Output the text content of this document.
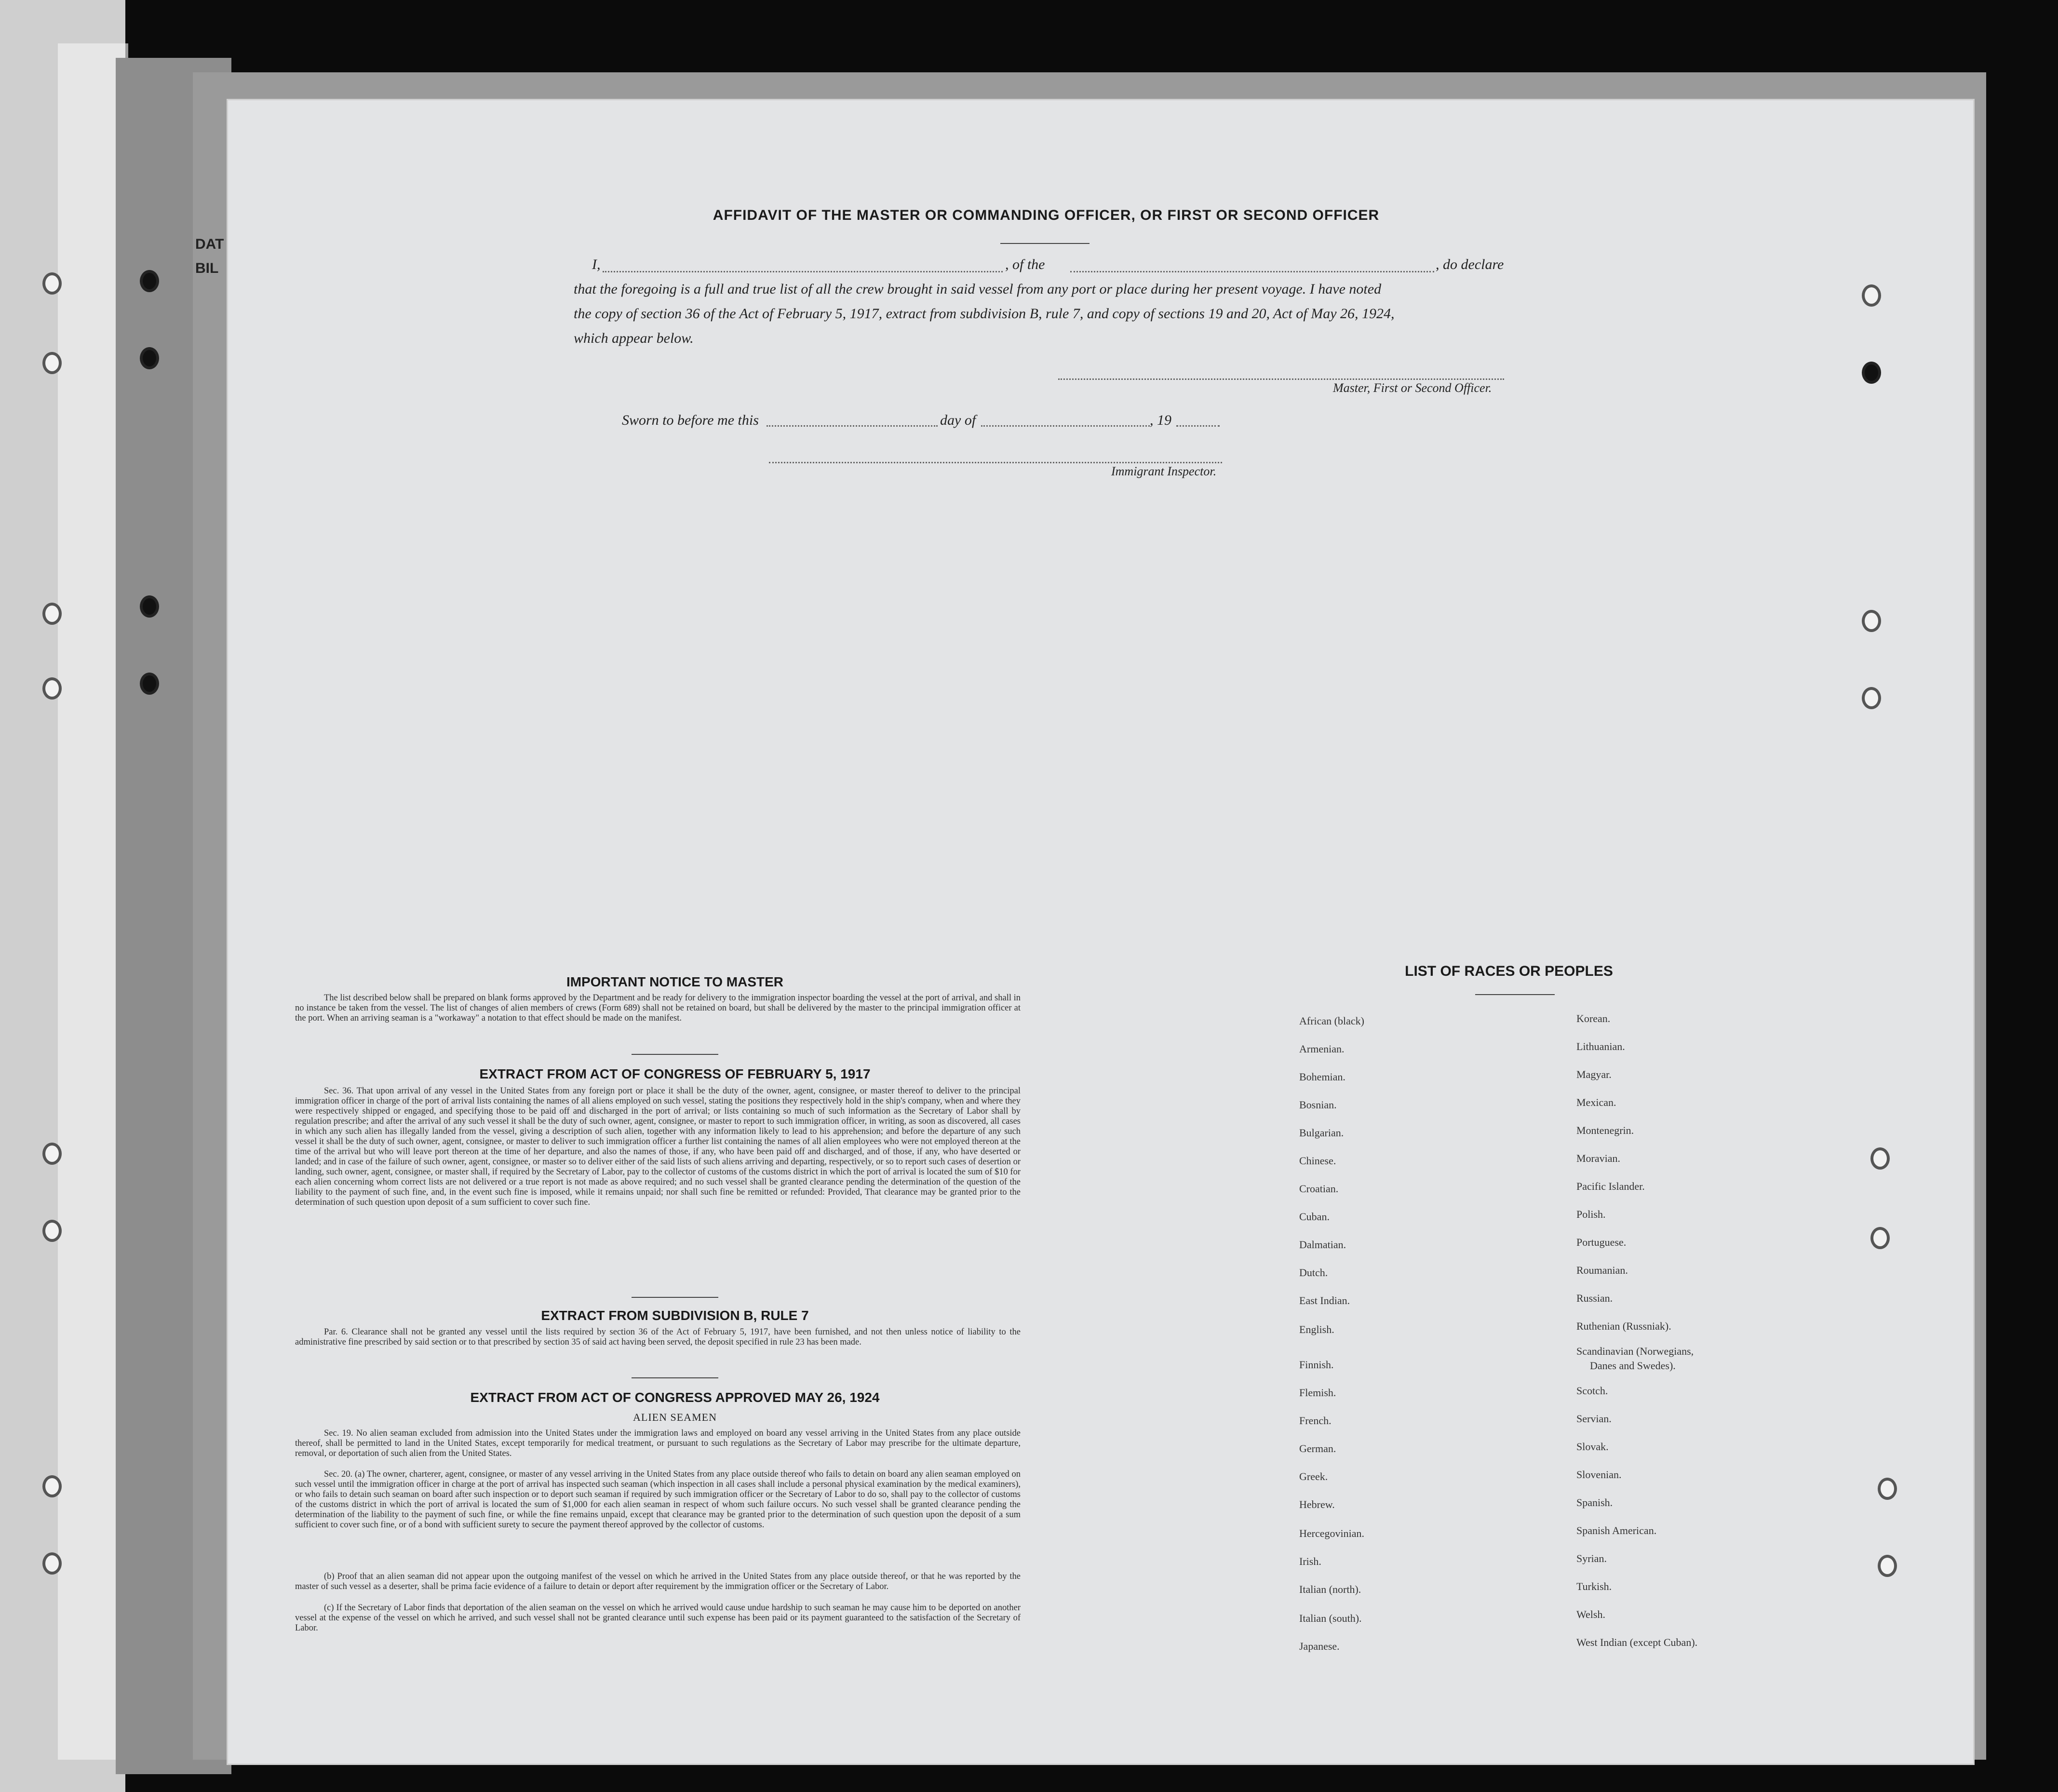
DAT
BIL
AFFIDAVIT OF THE MASTER OR COMMANDING OFFICER, OR FIRST OR SECOND OFFICER
I,	, of the	, do declare
that the foregoing is a full and true list of all the crew brought in said vessel from any port or place during her present voyage. I have noted
the copy of section 36 of the Act of February 5, 1917, extract from subdivision B, rule 7, and copy of sections 19 and 20, Act of May 26, 1924,
which appear below.
Master, First or Second Officer.
Sworn to before me this	day of	, 19
Immigrant Inspector.
IMPORTANT NOTICE TO MASTER
The list described below shall be prepared on blank forms approved by the Department and be ready for delivery to the immigration inspector boarding the vessel at the port of arrival, and shall in no instance be taken from the vessel. The list of changes of alien members of crews (Form 689) shall not be retained on board, but shall be delivered by the master to the principal immigration officer at the port. When an arriving seaman is a "workaway" a notation to that effect should be made on the manifest.
EXTRACT FROM ACT OF CONGRESS OF FEBRUARY 5, 1917
Sec. 36. That upon arrival of any vessel in the United States from any foreign port or place it shall be the duty of the owner, agent, consignee, or master thereof to deliver to the principal immigration officer in charge of the port of arrival lists containing the names of all aliens employed on such vessel, stating the positions they respectively hold in the ship's company, when and where they were respectively shipped or engaged, and specifying those to be paid off and discharged in the port of arrival; or lists containing so much of such information as the Secretary of Labor shall by regulation prescribe; and after the arrival of any such vessel it shall be the duty of such owner, agent, consignee, or master to report to such immigration officer, in writing, as soon as discovered, all cases in which any such alien has illegally landed from the vessel, giving a description of such alien, together with any information likely to lead to his apprehension; and before the departure of any such vessel it shall be the duty of such owner, agent, consignee, or master to deliver to such immigration officer a further list containing the names of all alien employees who were not employed thereon at the time of the arrival but who will leave port thereon at the time of her departure, and also the names of those, if any, who have been paid off and discharged, and of those, if any, who have deserted or landed; and in case of the failure of such owner, agent, consignee, or master so to deliver either of the said lists of such aliens arriving and departing, respectively, or so to report such cases of desertion or landing, such owner, agent, consignee, or master shall, if required by the Secretary of Labor, pay to the collector of customs of the customs district in which the port of arrival is located the sum of $10 for each alien concerning whom correct lists are not delivered or a true report is not made as above required; and no such vessel shall be granted clearance pending the determination of the question of the liability to the payment of such fine, and, in the event such fine is imposed, while it remains unpaid; nor shall such fine be remitted or refunded: Provided, That clearance may be granted prior to the determination of such question upon deposit of a sum sufficient to cover such fine.
EXTRACT FROM SUBDIVISION B, RULE 7
Par. 6. Clearance shall not be granted any vessel until the lists required by section 36 of the Act of February 5, 1917, have been furnished, and not then unless notice of liability to the administrative fine prescribed by said section or to that prescribed by section 35 of said act having been served, the deposit specified in rule 23 has been made.
EXTRACT FROM ACT OF CONGRESS APPROVED MAY 26, 1924
ALIEN SEAMEN
Sec. 19. No alien seaman excluded from admission into the United States under the immigration laws and employed on board any vessel arriving in the United States from any place outside thereof, shall be permitted to land in the United States, except temporarily for medical treatment, or pursuant to such regulations as the Secretary of Labor may prescribe for the ultimate departure, removal, or deportation of such alien from the United States.
Sec. 20. (a) The owner, charterer, agent, consignee, or master of any vessel arriving in the United States from any place outside thereof who fails to detain on board any alien seaman employed on such vessel until the immigration officer in charge at the port of arrival has inspected such seaman (which inspection in all cases shall include a personal physical examination by the medical examiners), or who fails to detain such seaman on board after such inspection or to deport such seaman if required by such immigration officer or the Secretary of Labor to do so, shall pay to the collector of customs of the customs district in which the port of arrival is located the sum of $1,000 for each alien seaman in respect of whom such failure occurs. No such vessel shall be granted clearance pending the determination of the liability to the payment of such fine, or while the fine remains unpaid, except that clearance may be granted prior to the determination of such question upon the deposit of a sum sufficient to cover such fine, or of a bond with sufficient surety to secure the payment thereof approved by the collector of customs.
(b) Proof that an alien seaman did not appear upon the outgoing manifest of the vessel on which he arrived in the United States from any place outside thereof, or that he was reported by the master of such vessel as a deserter, shall be prima facie evidence of a failure to detain or deport after requirement by the immigration officer or the Secretary of Labor.
(c) If the Secretary of Labor finds that deportation of the alien seaman on the vessel on which he arrived would cause undue hardship to such seaman he may cause him to be deported on another vessel at the expense of the vessel on which he arrived, and such vessel shall not be granted clearance until such expense has been paid or its payment guaranteed to the satisfaction of the Secretary of Labor.
LIST OF RACES OR PEOPLES
African (black)
Armenian.
Bohemian.
Bosnian.
Bulgarian.
Chinese.
Croatian.
Cuban.
Dalmatian.
Dutch.
East Indian.
English.
Finnish.
Flemish.
French.
German.
Greek.
Hebrew.
Hercegovinian.
Irish.
Italian (north).
Italian (south).
Japanese.
Korean.
Lithuanian.
Magyar.
Mexican.
Montenegrin.
Moravian.
Pacific Islander.
Polish.
Portuguese.
Roumanian.
Russian.
Ruthenian (Russniak).
Scandinavian (Norwegians,
Danes and Swedes).
Scotch.
Servian.
Slovak.
Slovenian.
Spanish.
Spanish American.
Syrian.
Turkish.
Welsh.
West Indian (except Cuban).
